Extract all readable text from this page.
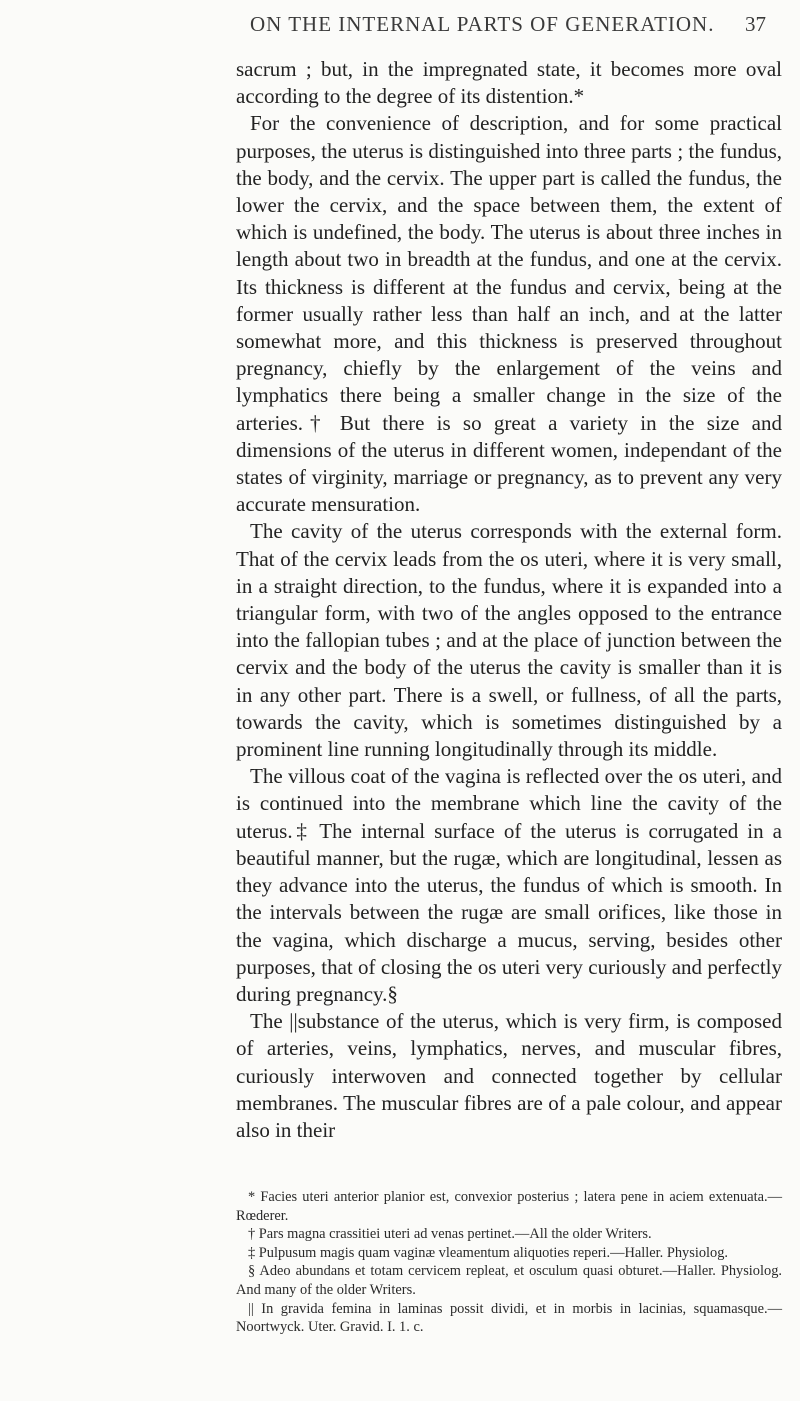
ON THE INTERNAL PARTS OF GENERATION. 37

sacrum ; but, in the impregnated state, it becomes more oval according to the degree of its distention.*

For the convenience of description, and for some practical purposes, the uterus is distinguished into three parts ; the fundus, the body, and the cervix. The upper part is called the fundus, the lower the cervix, and the space between them, the extent of which is undefined, the body. The uterus is about three inches in length about two in breadth at the fundus, and one at the cervix. Its thickness is different at the fundus and cervix, being at the former usually rather less than half an inch, and at the latter somewhat more, and this thickness is preserved throughout pregnancy, chiefly by the enlargement of the veins and lymphatics there being a smaller change in the size of the arteries.† But there is so great a variety in the size and dimensions of the uterus in different women, independant of the states of virginity, marriage or pregnancy, as to prevent any very accurate mensuration.

The cavity of the uterus corresponds with the external form. That of the cervix leads from the os uteri, where it is very small, in a straight direction, to the fundus, where it is expanded into a triangular form, with two of the angles opposed to the entrance into the fallopian tubes ; and at the place of junction between the cervix and the body of the uterus the cavity is smaller than it is in any other part. There is a swell, or fullness, of all the parts, towards the cavity, which is sometimes distinguished by a prominent line running longitudinally through its middle.

The villous coat of the vagina is reflected over the os uteri, and is continued into the membrane which line the cavity of the uterus.‡ The internal surface of the uterus is corrugated in a beautiful manner, but the rugæ, which are longitudinal, lessen as they advance into the uterus, the fundus of which is smooth. In the intervals between the rugæ are small orifices, like those in the vagina, which discharge a mucus, serving, besides other purposes, that of closing the os uteri very curiously and perfectly during pregnancy.§

The ||substance of the uterus, which is very firm, is composed of arteries, veins, lymphatics, nerves, and muscular fibres, curiously interwoven and connected together by cellular membranes. The muscular fibres are of a pale colour, and appear also in their

* Facies uteri anterior planior est, convexior posterius ; latera pene in aciem extenuata.—Rœderer.

† Pars magna crassitiei uteri ad venas pertinet.—All the older Writers.

‡ Pulpusum magis quam vaginæ vleamentum aliquoties reperi.—Haller. Physiolog.

§ Adeo abundans et totam cervicem repleat, et osculum quasi obturet.—Haller. Physiolog. And many of the older Writers.

|| In gravida femina in laminas possit dividi, et in morbis in lacinias, squamasque.—Noortwyck. Uter. Gravid. I. 1. c.
